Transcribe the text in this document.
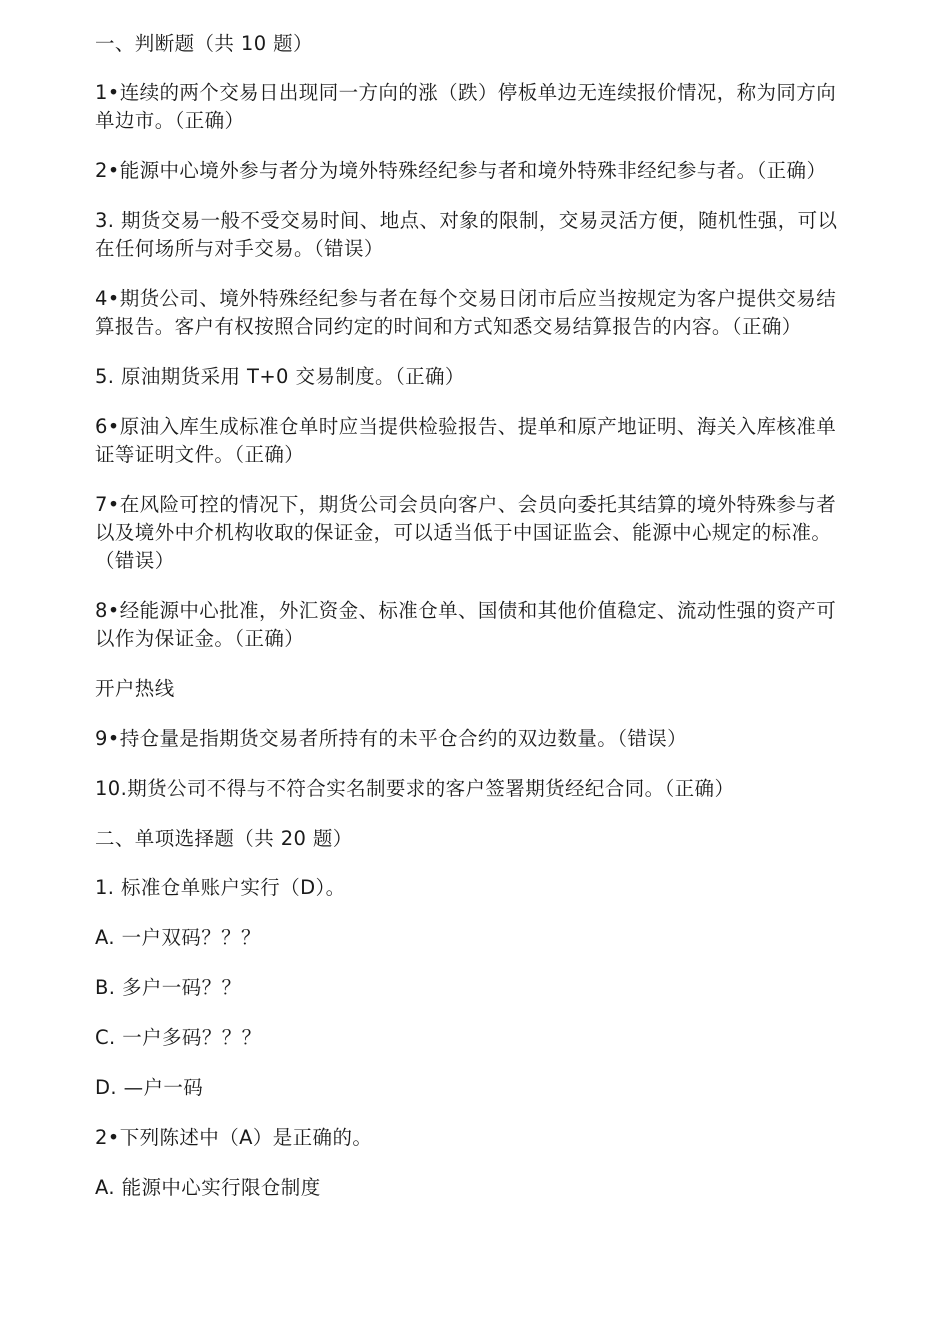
一、判断题（共 10 题）

1•连续的两个交易日出现同一方向的涨（跌）停板单边无连续报价情况，称为同方向单边市。（正确）

2•能源中心境外参与者分为境外特殊经纪参与者和境外特殊非经纪参与者。（正确）

3. 期货交易一般不受交易时间、地点、对象的限制，交易灵活方便，随机性强，可以在任何场所与对手交易。（错误）

4•期货公司、境外特殊经纪参与者在每个交易日闭市后应当按规定为客户提供交易结算报告。客户有权按照合同约定的时间和方式知悉交易结算报告的内容。（正确）

5. 原油期货采用 T+0 交易制度。（正确）

6•原油入库生成标准仓单时应当提供检验报告、提单和原产地证明、海关入库核准单证等证明文件。（正确）

7•在风险可控的情况下，期货公司会员向客户、会员向委托其结算的境外特殊参与者以及境外中介机构收取的保证金，可以适当低于中国证监会、能源中心规定的标准。（错误）

8•经能源中心批准，外汇资金、标准仓单、国债和其他价值稳定、流动性强的资产可以作为保证金。（正确）

开户热线

9•持仓量是指期货交易者所持有的未平仓合约的双边数量。（错误）

10.期货公司不得与不符合实名制要求的客户签署期货经纪合同。（正确）

二、单项选择题（共 20 题）

1. 标准仓单账户实行（D）。

A. 一户双码？？？

B. 多户一码？？

C. 一户多码？？？

D. —户一码

2•下列陈述中（A）是正确的。

A. 能源中心实行限仓制度
